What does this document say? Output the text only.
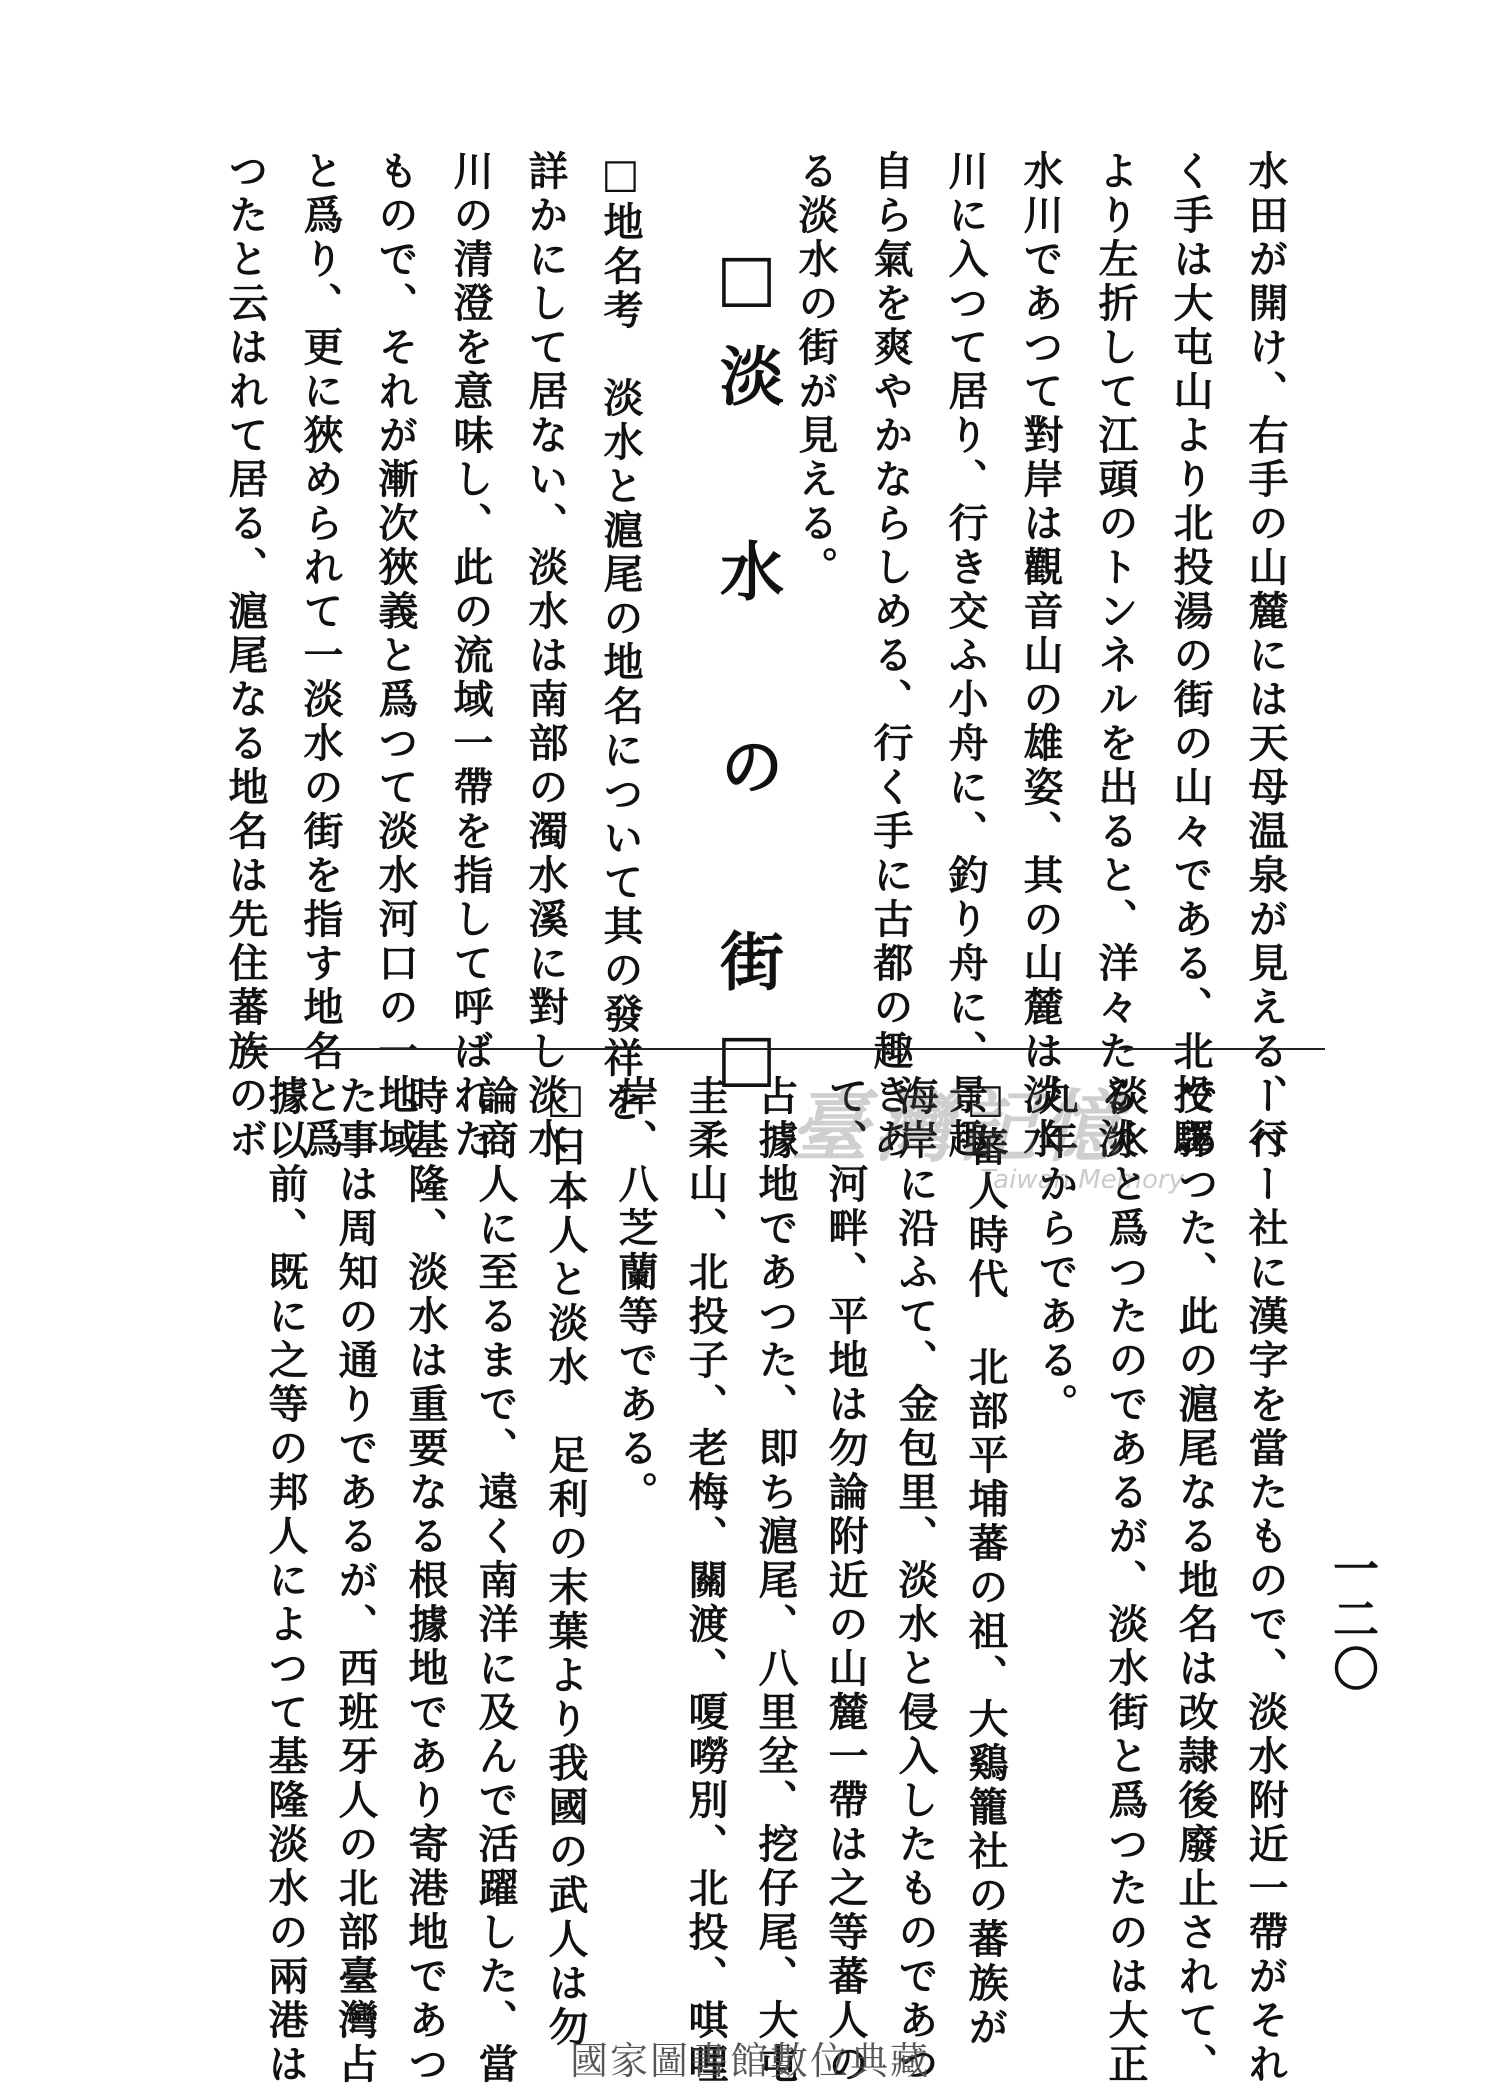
水田が開け、右手の山麓には天母温泉が見える、行
く手は大屯山より北投湯の街の山々である、北投驛
より左折して江頭のトンネルを出ると、洋々たる淡
水川であつて對岸は觀音山の雄姿、其の山麓は淡水
川に入つて居り、行き交ふ小舟に、釣り舟に、景趣
自ら氣を爽やかならしめる、行く手に古都の趣きあ
る淡水の街が見える。
□淡 水 の 街□
□地名考　淡水と滬尾の地名について其の發祥を
詳かにして居ない、淡水は南部の濁水溪に對し淡水
川の清澄を意味し、此の流域一帶を指して呼ばれた
もので、それが漸次狹義と爲つて淡水河口の一地域
と爲り、更に狹められて一淡水の街を指す地名と爲
つたと云はれて居る、滬尾なる地名は先住蕃族のボ
ーベー社に漢字を當たもので、淡水附近一帶がそれ
であつた、此の滬尾なる地名は改隷後廢止されて、
淡水と爲つたのであるが、淡水街と爲つたのは大正
九年からである。
□蕃人時代　北部平埔蕃の祖、大鷄籠社の蕃族が
海岸に沿ふて、金包里、淡水と侵入したものであつ
て、河畔、平地は勿論附近の山麓一帶は之等蕃人の
占據地であつた、即ち滬尾、八里坌、挖仔尾、大屯
圭柔山、北投子、老梅、關渡、嗄嘮別、北投、唭哩
岸、八芝蘭等である。
□日本人と淡水　足利の末葉より我國の武人は勿
論商人に至るまで、遠く南洋に及んで活躍した、當
時基隆、淡水は重要なる根據地であり寄港地であつ
た事は周知の通りであるが、西班牙人の北部臺灣占
據以前、既に之等の邦人によつて基隆淡水の兩港は	一二〇
臺灣記憶
Taiwan Memory
國家圖書館數位典藏
